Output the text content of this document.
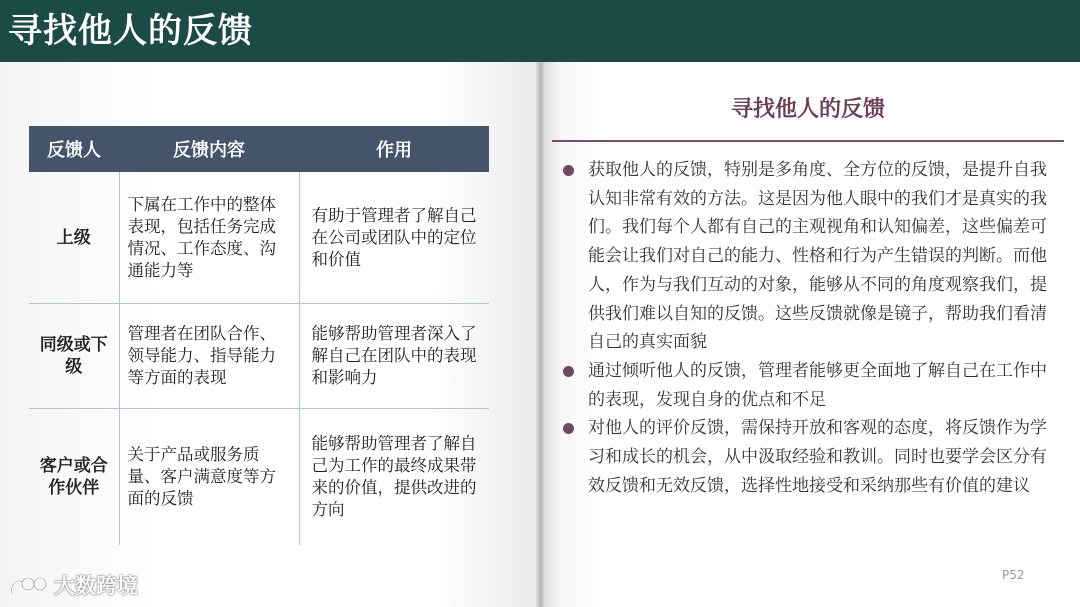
寻找他人的反馈
反馈人	反馈内容	作用
上级	下属在工作中的整体表现，包括任务完成情况、工作态度、沟通能力等	有助于管理者了解自己在公司或团队中的定位和价值
同级或下级	管理者在团队合作、领导能力、指导能力等方面的表现	能够帮助管理者深入了解自己在团队中的表现和影响力
客户或合作伙伴	关于产品或服务质量、客户满意度等方面的反馈	能够帮助管理者了解自己为工作的最终成果带来的价值，提供改进的方向
寻找他人的反馈
获取他人的反馈，特别是多角度、全方位的反馈，是提升自我认知非常有效的方法。这是因为他人眼中的我们才是真实的我们。我们每个人都有自己的主观视角和认知偏差，这些偏差可能会让我们对自己的能力、性格和行为产生错误的判断。而他人，作为与我们互动的对象，能够从不同的角度观察我们，提供我们难以自知的反馈。这些反馈就像是镜子，帮助我们看清自己的真实面貌
通过倾听他人的反馈，管理者能够更全面地了解自己在工作中的表现，发现自身的优点和不足
对他人的评价反馈，需保持开放和客观的态度，将反馈作为学习和成长的机会，从中汲取经验和教训。同时也要学会区分有效反馈和无效反馈，选择性地接受和采纳那些有价值的建议
P52
大数跨境
